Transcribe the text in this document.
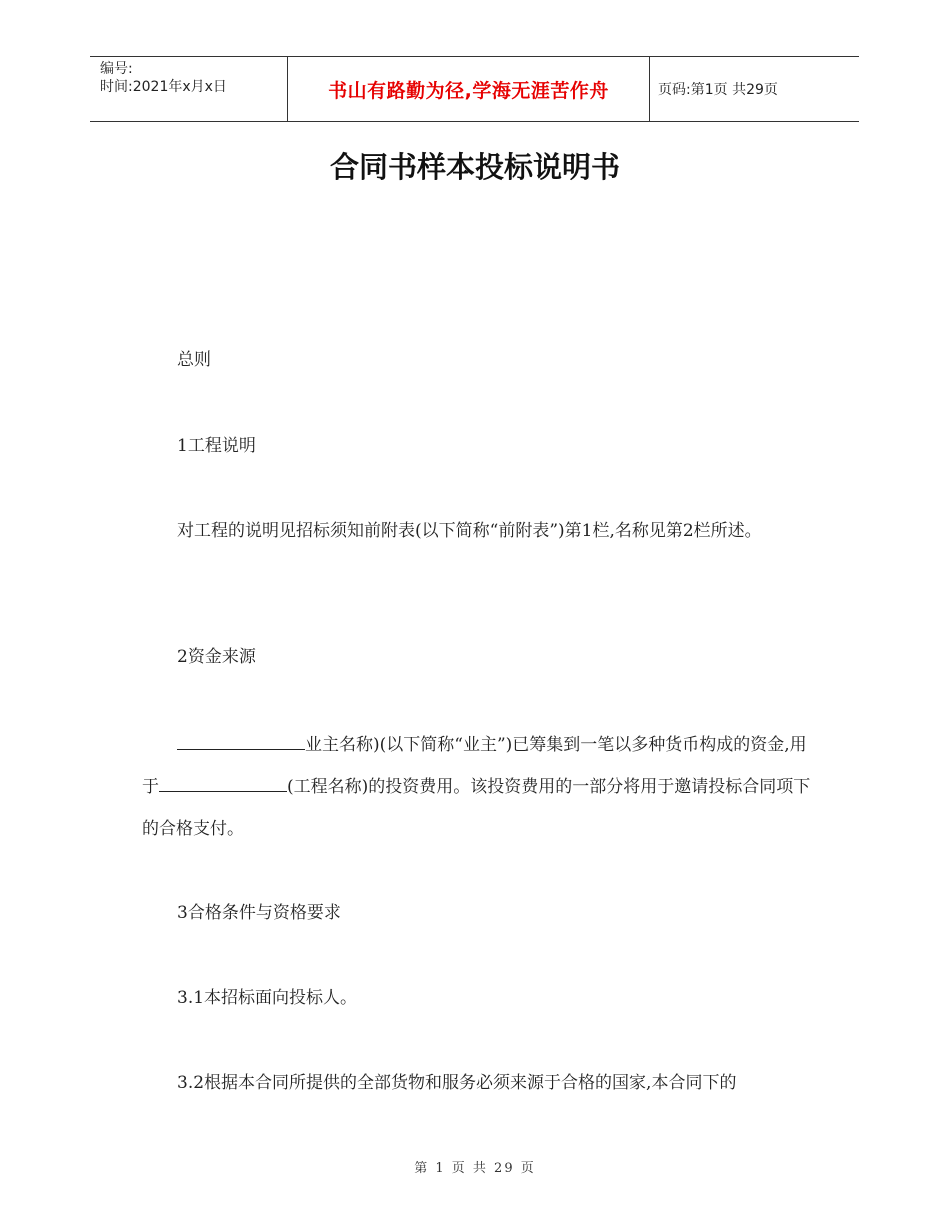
编号:
时间:2021年x月x日	书山有路勤为径,学海无涯苦作舟	页码:第1页 共29页
合同书样本投标说明书

总则

1工程说明

对工程的说明见招标须知前附表(以下简称“前附表”)第1栏,名称见第2栏所述。

2资金来源

业主名称)(以下简称“业主”)已筹集到一笔以多种货币构成的资金,用于	(工程名称)的投资费用。该投资费用的一部分将用于邀请投标合同项下的合格支付。

3合格条件与资格要求

3.1本招标面向投标人。

3.2根据本合同所提供的全部货物和服务必须来源于合格的国家,本合同下的

第 1 页 共 29 页
